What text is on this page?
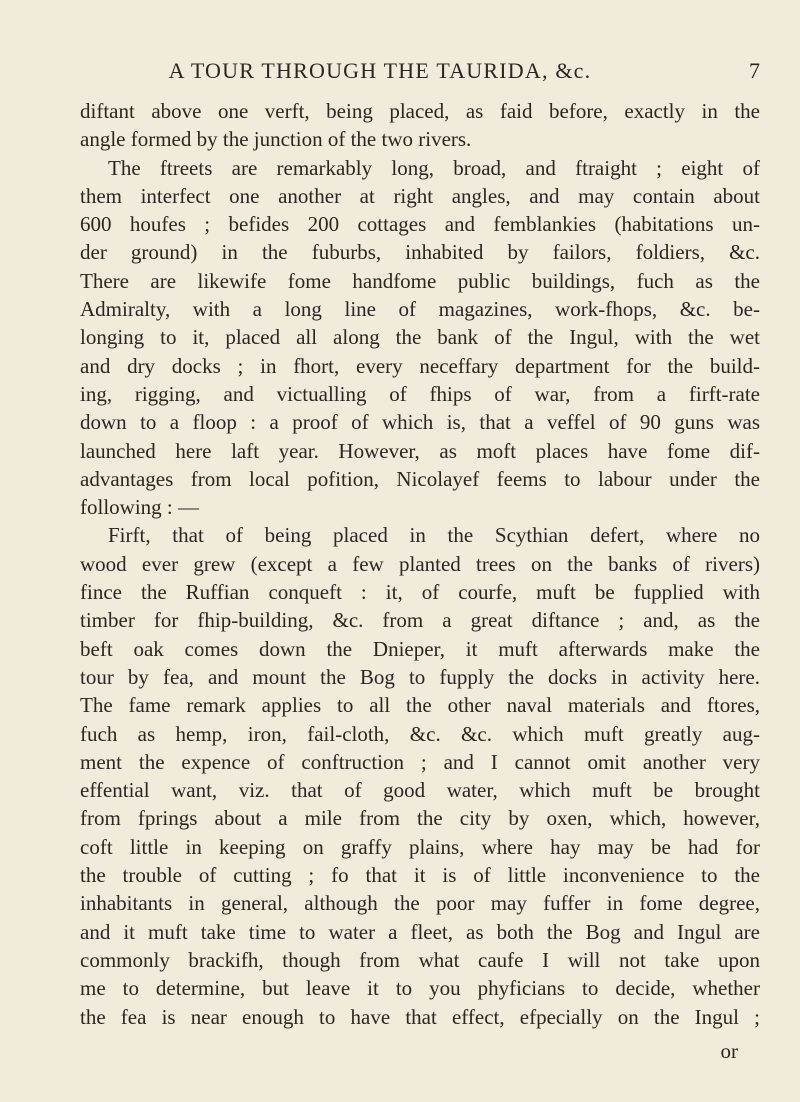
A TOUR THROUGH THE TAURIDA, &c.	7
diftant above one verft, being placed, as faid before, exactly in the
angle formed by the junction of the two rivers.
The ftreets are remarkably long, broad, and ftraight ; eight of
them interfect one another at right angles, and may contain about
600 houfes ; befides 200 cottages and femblankies (habitations un-
der ground) in the fuburbs, inhabited by failors, foldiers, &c.
There are likewife fome handfome public buildings, fuch as the
Admiralty, with a long line of magazines, work-fhops, &c. be-
longing to it, placed all along the bank of the Ingul, with the wet
and dry docks ; in fhort, every neceffary department for the build-
ing, rigging, and victualling of fhips of war, from a firft-rate
down to a floop : a proof of which is, that a veffel of 90 guns was
launched here laft year. However, as moft places have fome dif-
advantages from local pofition, Nicolayef feems to labour under the
following : —
Firft, that of being placed in the Scythian defert, where no
wood ever grew (except a few planted trees on the banks of rivers)
fince the Ruffian conqueft : it, of courfe, muft be fupplied with
timber for fhip-building, &c. from a great diftance ; and, as the
beft oak comes down the Dnieper, it muft afterwards make the
tour by fea, and mount the Bog to fupply the docks in activity here.
The fame remark applies to all the other naval materials and ftores,
fuch as hemp, iron, fail-cloth, &c. &c. which muft greatly aug-
ment the expence of conftruction ; and I cannot omit another very
effential want, viz. that of good water, which muft be brought
from fprings about a mile from the city by oxen, which, however,
coft little in keeping on graffy plains, where hay may be had for
the trouble of cutting ; fo that it is of little inconvenience to the
inhabitants in general, although the poor may fuffer in fome degree,
and it muft take time to water a fleet, as both the Bog and Ingul are
commonly brackifh, though from what caufe I will not take upon
me to determine, but leave it to you phyficians to decide, whether
the fea is near enough to have that effect, efpecially on the Ingul ;
or
